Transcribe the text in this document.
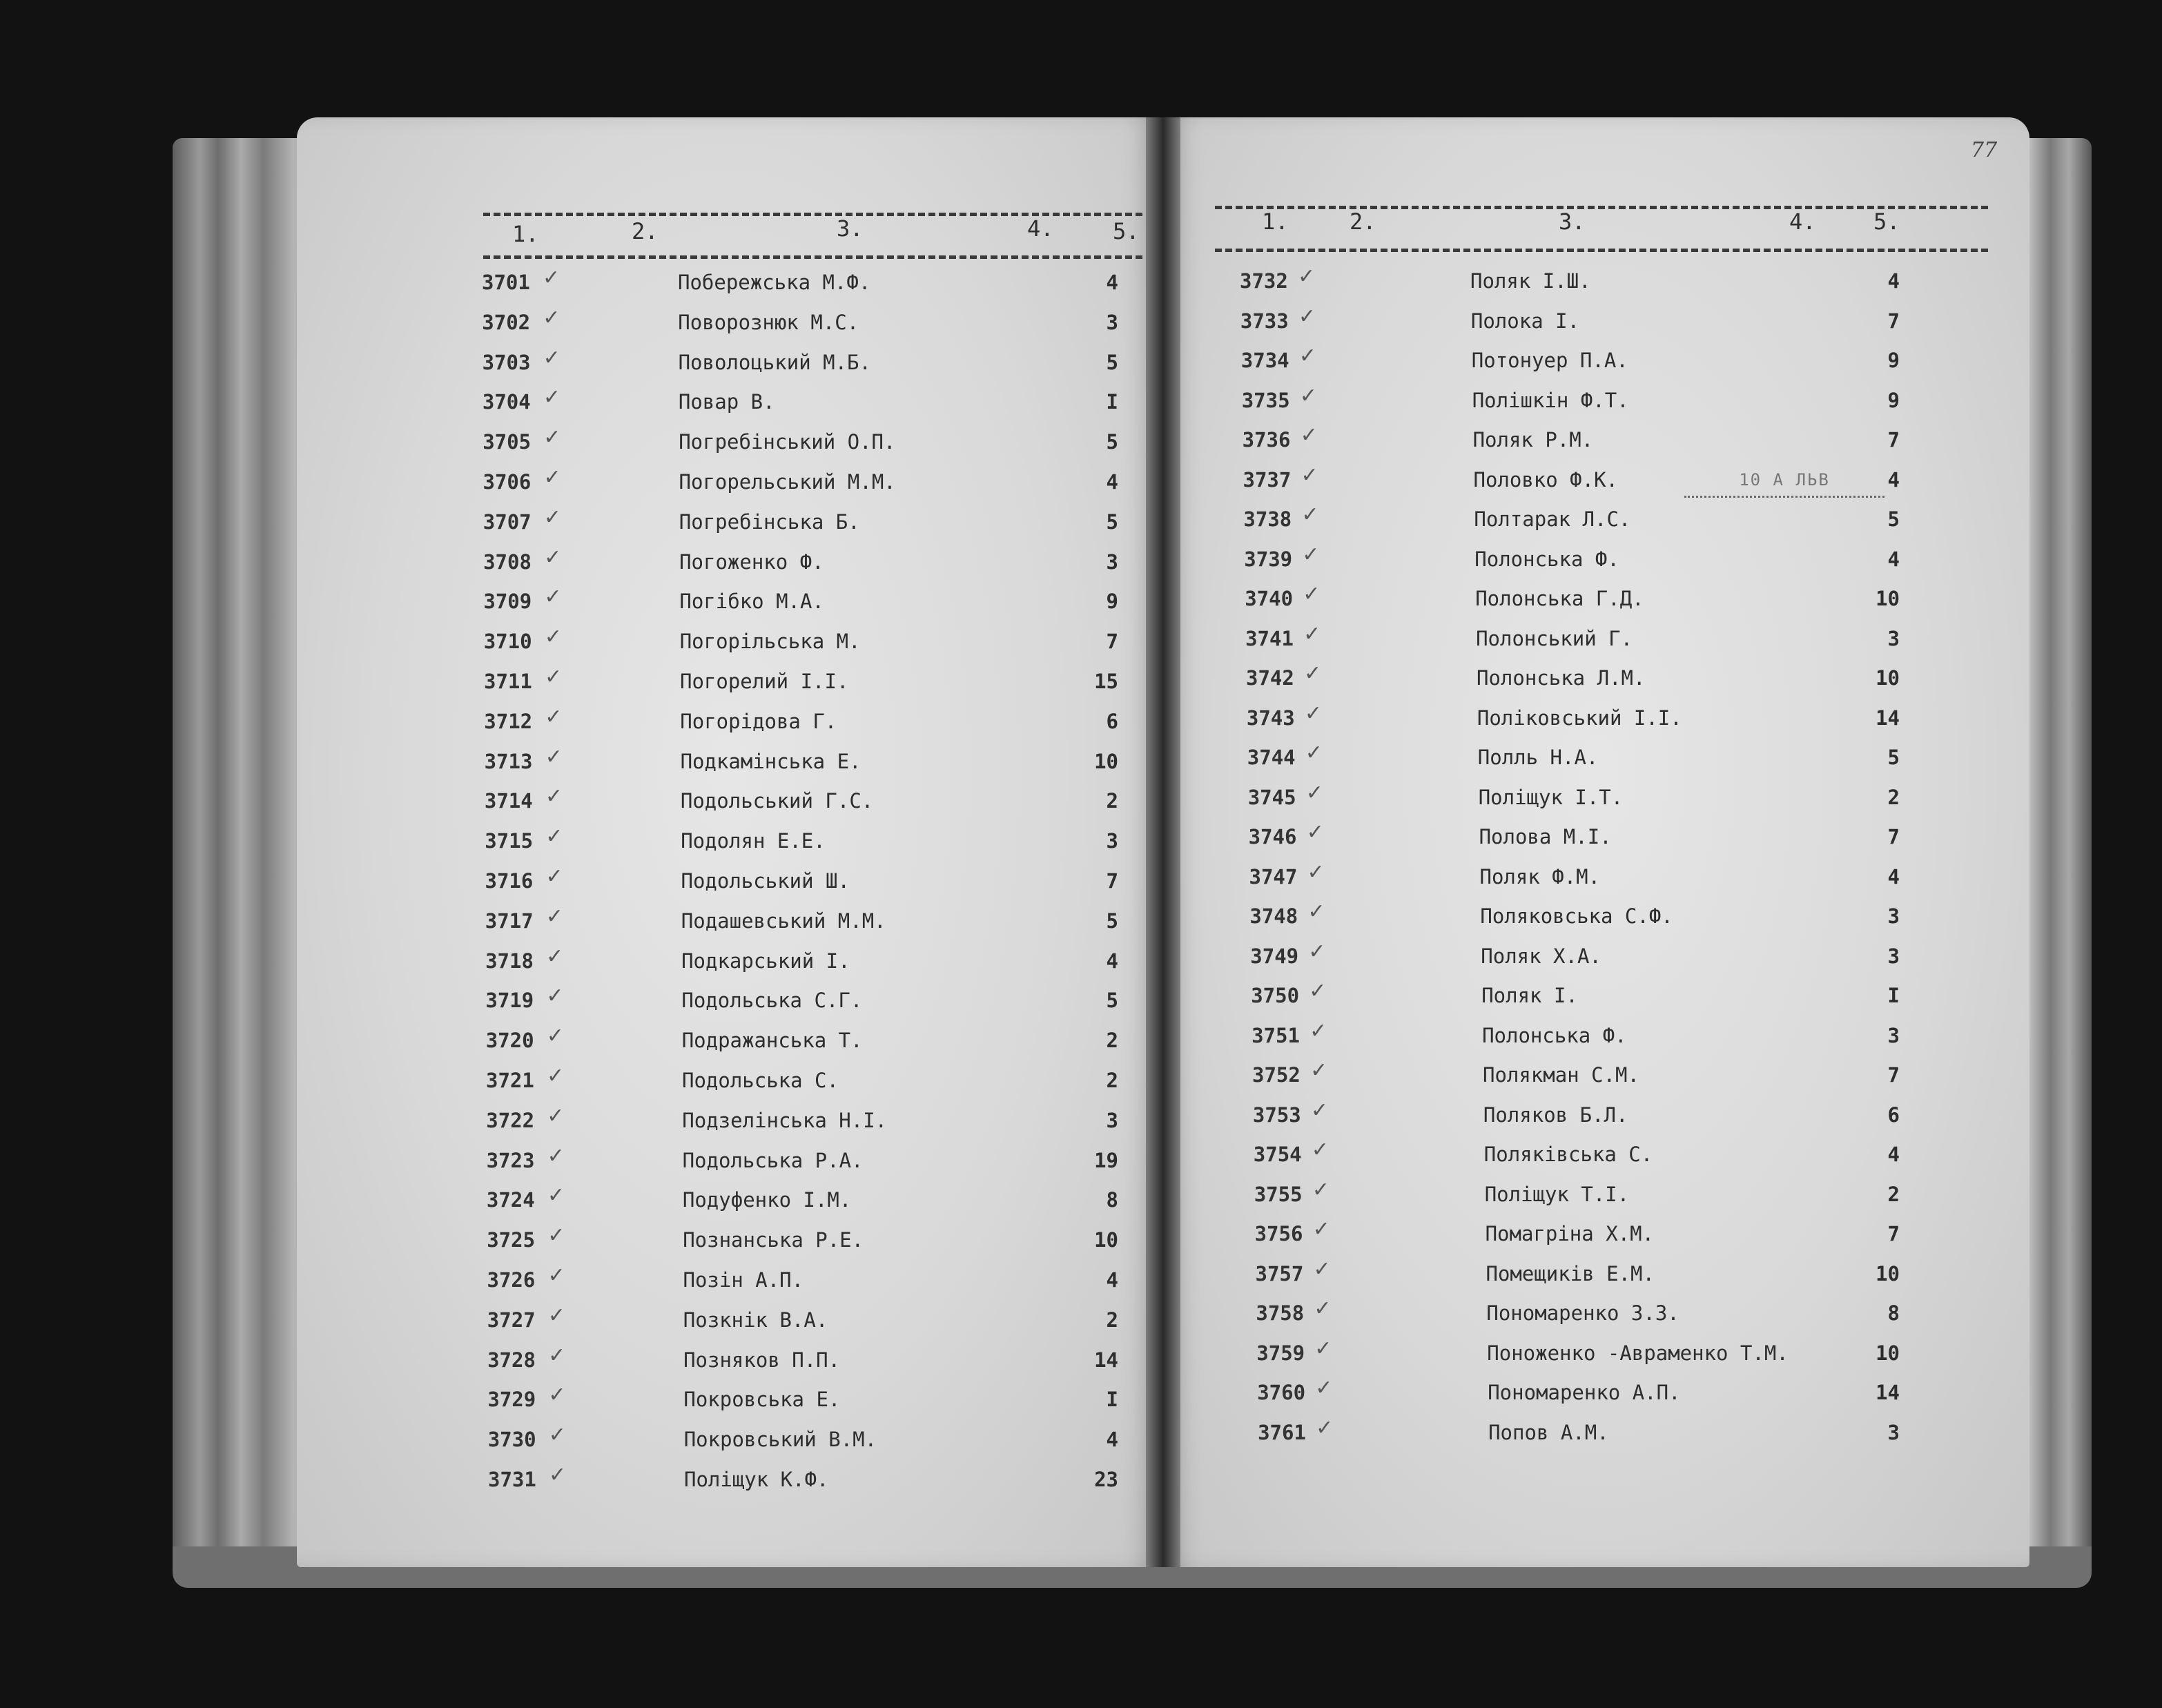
1.	2.	3.	4.	5.	1.	2.	3.	4.	5.
3701 ✓	Побережська М.Ф.	4
3702 ✓	Поворознюк М.С.	3
3703 ✓	Поволоцький М.Б.	5
3704 ✓	Повар В.	I
3705 ✓	Погребінський О.П.	5
3706 ✓	Погорельський М.М.	4
3707 ✓	Погребінська Б.	5
3708 ✓	Погоженко Ф.	3
3709 ✓	Погібко М.А.	9
3710 ✓	Погорільська М.	7
3711 ✓	Погорелий І.І.	15
3712 ✓	Погорідова Г.	6
3713 ✓	Подкамінська Е.	10
3714 ✓	Подольський Г.С.	2
3715 ✓	Подолян Е.Е.	3
3716 ✓	Подольський Ш.	7
3717 ✓	Подашевський М.М.	5
3718 ✓	Подкарський І.	4
3719 ✓	Подольська С.Г.	5
3720 ✓	Подражанська Т.	2
3721 ✓	Подольська С.	2
3722 ✓	Подзелінська Н.І.	3
3723 ✓	Подольська Р.А.	19
3724 ✓	Подуфенко І.М.	8
3725 ✓	Познанська Р.Е.	10
3726 ✓	Позін А.П.	4
3727 ✓	Позкнік В.А.	2
3728 ✓	Позняков П.П.	14
3729 ✓	Покровська Е.	I
3730 ✓	Покровський В.М.	4
3731 ✓	Поліщук К.Ф.	23
3732 ✓	Поляк І.Ш.	4
3733 ✓	Полока І.	7
3734 ✓	Потонуер П.А.	9
3735 ✓	Полішкін Ф.Т.	9
3736 ✓	Поляк Р.М.	7
3737 ✓	Половко Ф.К.	4
3738 ✓	Полтарак Л.С.	5
3739 ✓	Полонська Ф.	4
3740 ✓	Полонська Г.Д.	10
3741 ✓	Полонський Г.	3
3742 ✓	Полонська Л.М.	10
3743 ✓	Поліковський І.І.	14
3744 ✓	Полль Н.А.	5
3745 ✓	Поліщук І.Т.	2
3746 ✓	Полова М.І.	7
3747 ✓	Поляк Ф.М.	4
3748 ✓	Поляковська С.Ф.	3
3749 ✓	Поляк Х.А.	3
3750 ✓	Поляк І.	I
3751 ✓	Полонська Ф.	3
3752 ✓	Полякман С.М.	7
3753 ✓	Поляков Б.Л.	6
3754 ✓	Поляківська С.	4
3755 ✓	Поліщук Т.І.	2
3756 ✓	Помагріна Х.М.	7
3757 ✓	Помещиків Е.М.	10
3758 ✓	Пономаренко З.З.	8
3759 ✓	Поноженко -Авраменко Т.М.	10
3760 ✓	Пономаренко А.П.	14
3761 ✓	Попов А.М.	3
10 А ЛЬВ
77
